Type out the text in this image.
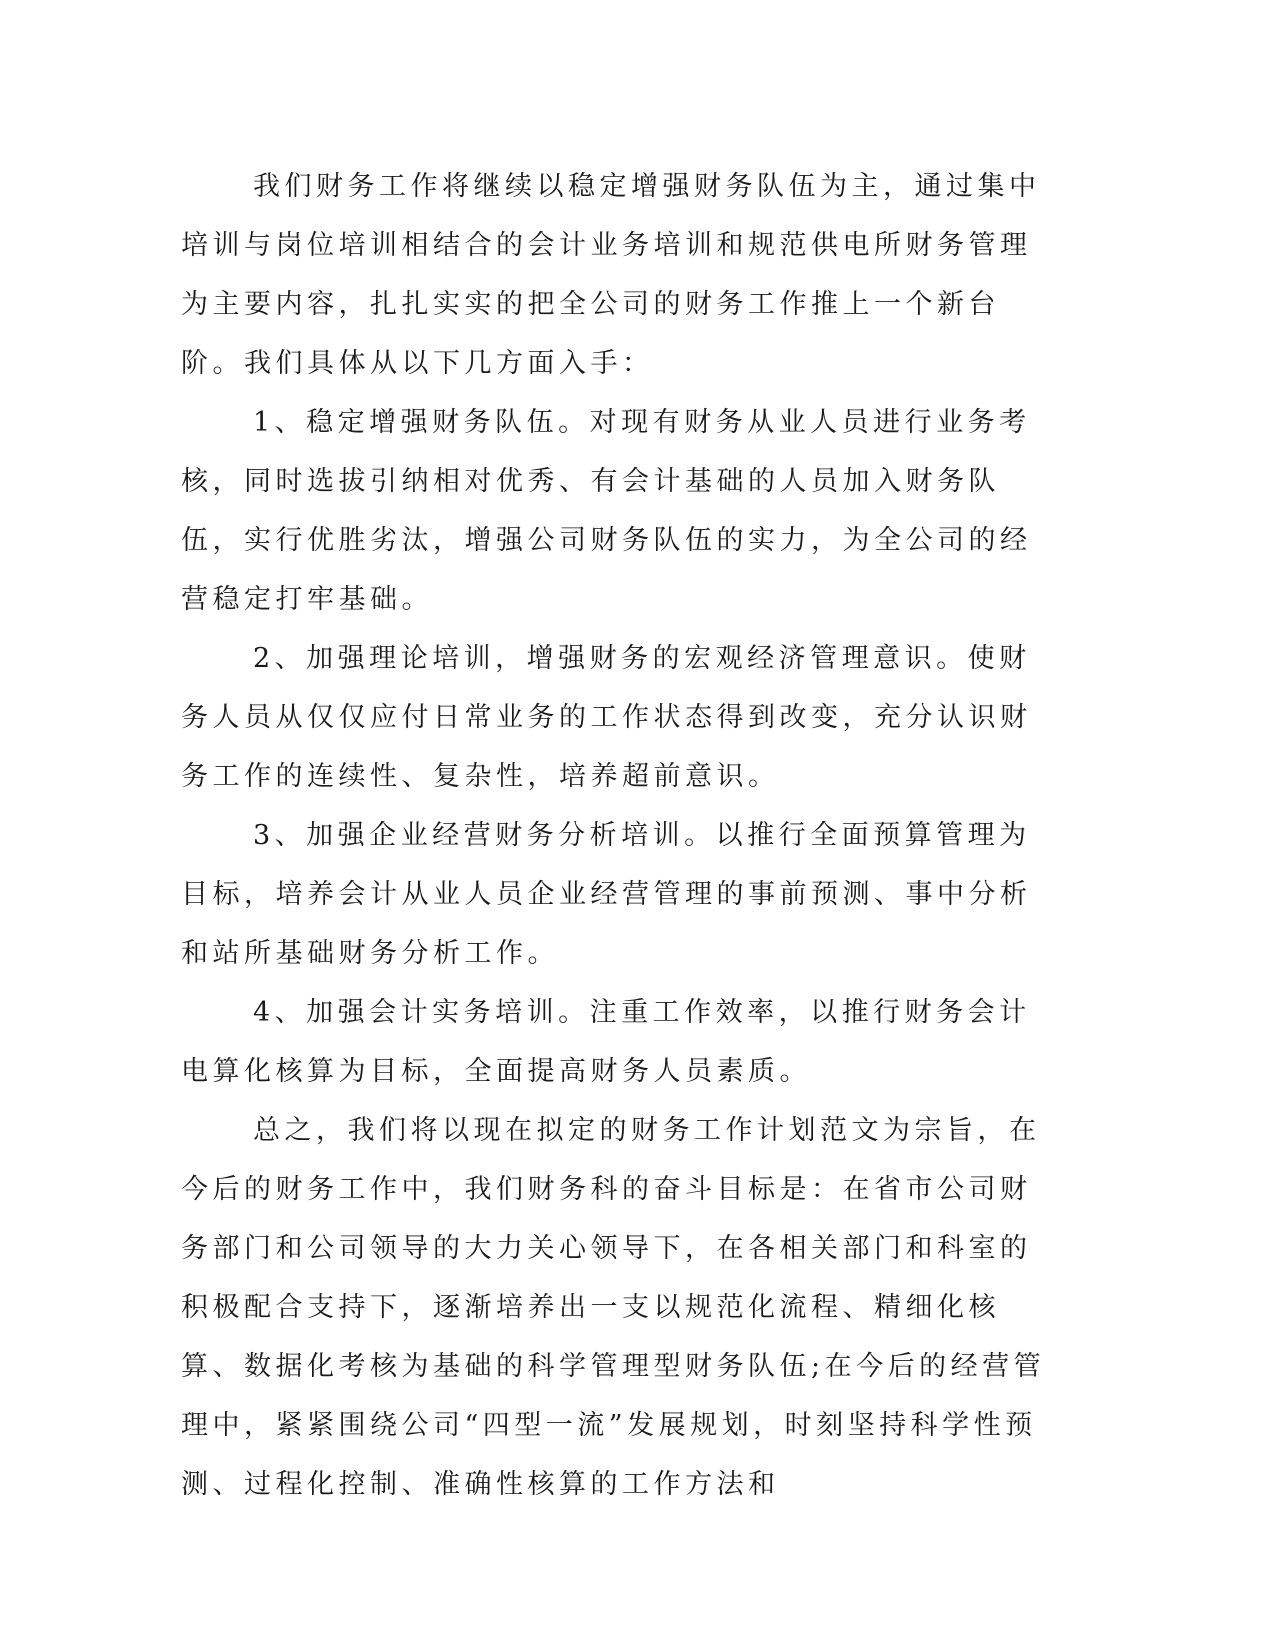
我们财务工作将继续以稳定增强财务队伍为主，通过集中培训与岗位培训相结合的会计业务培训和规范供电所财务管理为主要内容，扎扎实实的把全公司的财务工作推上一个新台阶。我们具体从以下几方面入手：

1、稳定增强财务队伍。对现有财务从业人员进行业务考核，同时选拔引纳相对优秀、有会计基础的人员加入财务队伍，实行优胜劣汰，增强公司财务队伍的实力，为全公司的经营稳定打牢基础。

2、加强理论培训，增强财务的宏观经济管理意识。使财务人员从仅仅应付日常业务的工作状态得到改变，充分认识财务工作的连续性、复杂性，培养超前意识。

3、加强企业经营财务分析培训。以推行全面预算管理为目标，培养会计从业人员企业经营管理的事前预测、事中分析和站所基础财务分析工作。

4、加强会计实务培训。注重工作效率，以推行财务会计电算化核算为目标，全面提高财务人员素质。

总之，我们将以现在拟定的财务工作计划范文为宗旨，在今后的财务工作中，我们财务科的奋斗目标是：在省市公司财务部门和公司领导的大力关心领导下，在各相关部门和科室的积极配合支持下，逐渐培养出一支以规范化流程、精细化核算、数据化考核为基础的科学管理型财务队伍;在今后的经营管理中，紧紧围绕公司“四型一流”发展规划，时刻坚持科学性预测、过程化控制、准确性核算的工作方法和
